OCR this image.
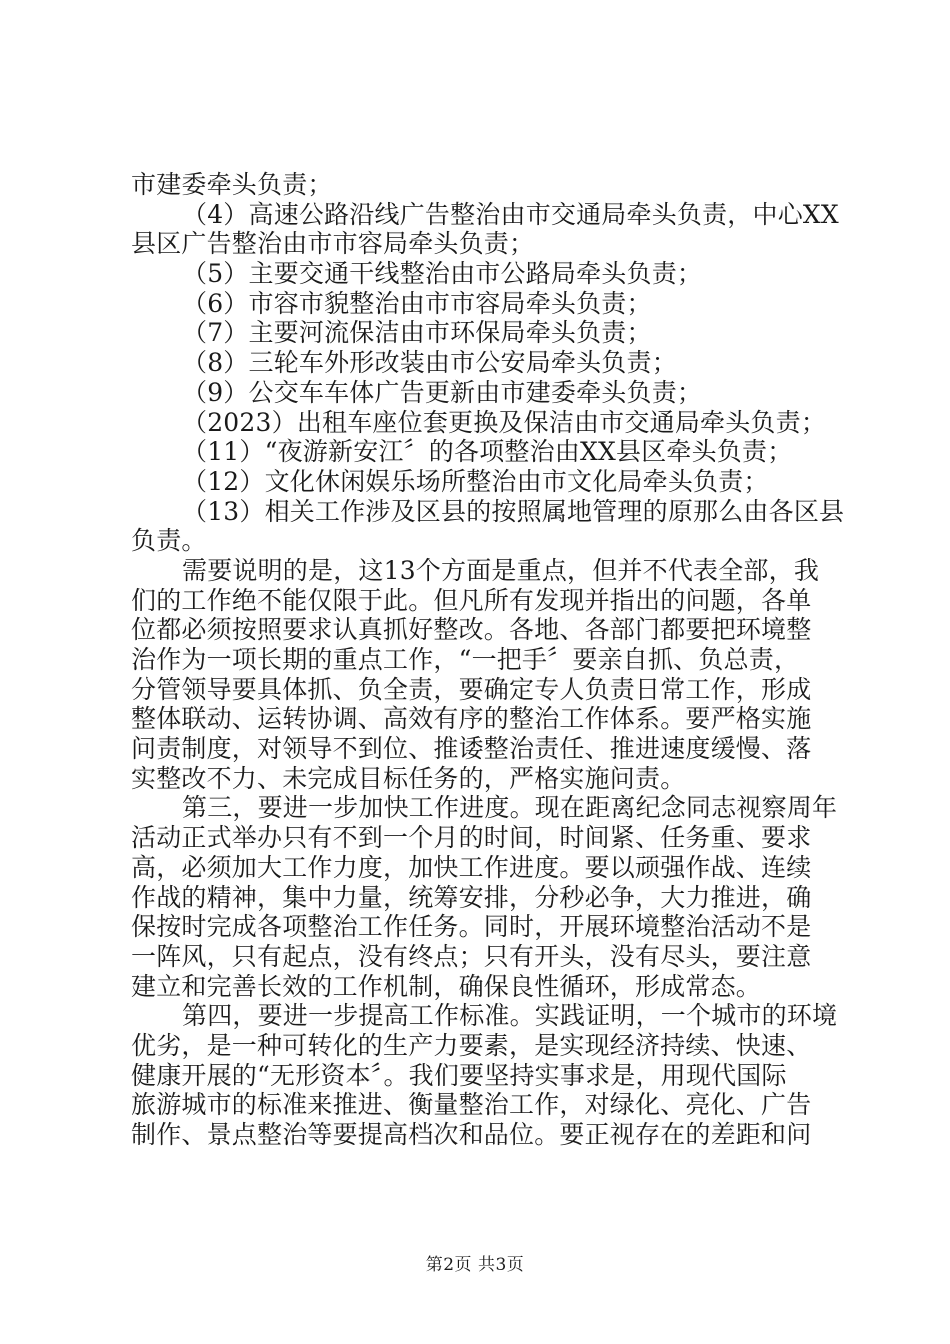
市建委牵头负责；
（4）高速公路沿线广告整治由市交通局牵头负责，中心XX
县区广告整治由市市容局牵头负责；
（5）主要交通干线整治由市公路局牵头负责；
（6）市容市貌整治由市市容局牵头负责；
（7）主要河流保洁由市环保局牵头负责；
（8）三轮车外形改装由市公安局牵头负责；
（9）公交车车体广告更新由市建委牵头负责；
（2023）出租车座位套更换及保洁由市交通局牵头负责；
（11）“夜游新安江〞的各项整治由XX县区牵头负责；
（12）文化休闲娱乐场所整治由市文化局牵头负责；
（13）相关工作涉及区县的按照属地管理的原那么由各区县
负责。
需要说明的是，这13个方面是重点，但并不代表全部，我
们的工作绝不能仅限于此。但凡所有发现并指出的问题，各单
位都必须按照要求认真抓好整改。各地、各部门都要把环境整
治作为一项长期的重点工作，“一把手〞要亲自抓、负总责，
分管领导要具体抓、负全责，要确定专人负责日常工作，形成
整体联动、运转协调、高效有序的整治工作体系。要严格实施
问责制度，对领导不到位、推诿整治责任、推进速度缓慢、落
实整改不力、未完成目标任务的，严格实施问责。
第三，要进一步加快工作进度。现在距离纪念同志视察周年
活动正式举办只有不到一个月的时间，时间紧、任务重、要求
高，必须加大工作力度，加快工作进度。要以顽强作战、连续
作战的精神，集中力量，统筹安排，分秒必争，大力推进，确
保按时完成各项整治工作任务。同时，开展环境整治活动不是
一阵风，只有起点，没有终点；只有开头，没有尽头，要注意
建立和完善长效的工作机制，确保良性循环，形成常态。
第四，要进一步提高工作标准。实践证明，一个城市的环境
优劣，是一种可转化的生产力要素，是实现经济持续、快速、
健康开展的“无形资本〞。我们要坚持实事求是，用现代国际
旅游城市的标准来推进、衡量整治工作，对绿化、亮化、广告
制作、景点整治等要提高档次和品位。要正视存在的差距和问
第2页 共3页
